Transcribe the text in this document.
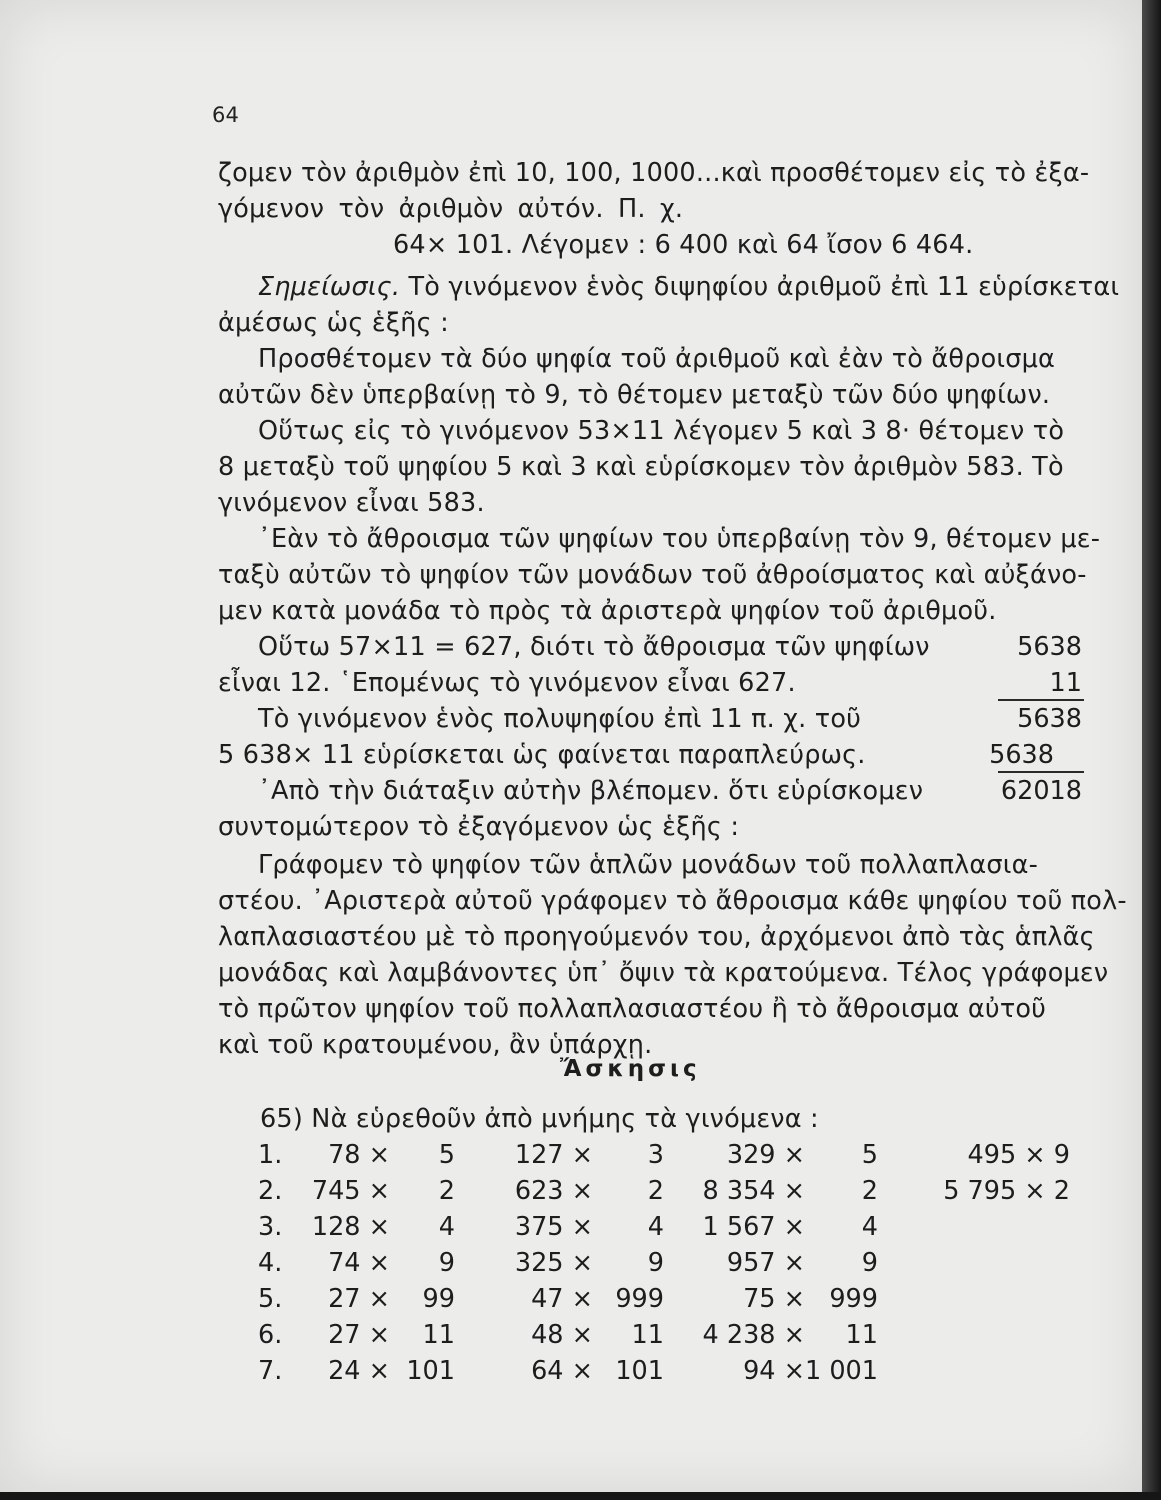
64
ζομεν τὸν ἀριθμὸν ἐπὶ 10, 100, 1000...καὶ προσθέτομεν εἰς τὸ ἐξα-
γόμενον τὸν ἀριθμὸν αὐτόν. Π. χ.
64× 101. Λέγομεν : 6 400 καὶ 64 ἴσον 6 464.
Σημείωσις. Τὸ γινόμενον ἑνὸς διψηφίου ἀριθμοῦ ἐπὶ 11 εὑρίσκεται
ἀμέσως ὡς ἑξῆς :
Προσθέτομεν τὰ δύο ψηφία τοῦ ἀριθμοῦ καὶ ἐὰν τὸ ἄθροισμα
αὐτῶν δὲν ὑπερβαίνῃ τὸ 9, τὸ θέτομεν μεταξὺ τῶν δύο ψηφίων.
Οὕτως εἰς τὸ γινόμενον 53×11 λέγομεν 5 καὶ 3 8· θέτομεν τὸ
8 μεταξὺ τοῦ ψηφίου 5 καὶ 3 καὶ εὑρίσκομεν τὸν ἀριθμὸν 583. Τὸ
γινόμενον εἶναι 583.
᾿Εὰν τὸ ἄθροισμα τῶν ψηφίων του ὑπερβαίνῃ τὸν 9, θέτομεν με-
ταξὺ αὐτῶν τὸ ψηφίον τῶν μονάδων τοῦ ἀθροίσματος καὶ αὐξάνο-
μεν κατὰ μονάδα τὸ πρὸς τὰ ἀριστερὰ ψηφίον τοῦ ἀριθμοῦ.
Οὕτω 57×11 = 627, διότι τὸ ἄθροισμα τῶν ψηφίων
εἶναι 12. ῾Επομένως τὸ γινόμενον εἶναι 627.
Τὸ γινόμενον ἑνὸς πολυψηφίου ἐπὶ 11 π. χ. τοῦ
5 638× 11 εὑρίσκεται ὡς φαίνεται παραπλεύρως.
᾿Απὸ τὴν διάταξιν αὐτὴν βλέπομεν. ὅτι εὑρίσκομεν
συντομώτερον τὸ ἐξαγόμενον ὡς ἑξῆς :
5638
11
5638
5638
62018
Γράφομεν τὸ ψηφίον τῶν ἁπλῶν μονάδων τοῦ πολλαπλασια-
στέου. ᾿Αριστερὰ αὐτοῦ γράφομεν τὸ ἄθροισμα κάθε ψηφίου τοῦ πολ-
λαπλασιαστέου μὲ τὸ προηγούμενόν του, ἀρχόμενοι ἀπὸ τὰς ἁπλᾶς
μονάδας καὶ λαμβάνοντες ὑπ᾿ ὄψιν τὰ κρατούμενα. Τέλος γράφομεν
τὸ πρῶτον ψηφίον τοῦ πολλαπλασιαστέου ἢ τὸ ἄθροισμα αὐτοῦ
καὶ τοῦ κρατουμένου, ἂν ὑπάρχῃ.
Ἄσκησις
65) Νὰ εὑρεθοῦν ἀπὸ μνήμης τὰ γινόμενα :
1.	78 ×	5	127 ×	3	329 ×	5	495 × 9
2.	745 ×	2	623 ×	2	8 354 ×	2	5 795 × 2
3.	128 ×	4	375 ×	4	1 567 ×	4
4.	74 ×	9	325 ×	9	957 ×	9
5.	27 ×	99	47 × 999	75 × 999
6.	27 ×	11	48 ×	11	4 238 ×	11
7.	24 × 101	64 × 101	94 × 1 001
